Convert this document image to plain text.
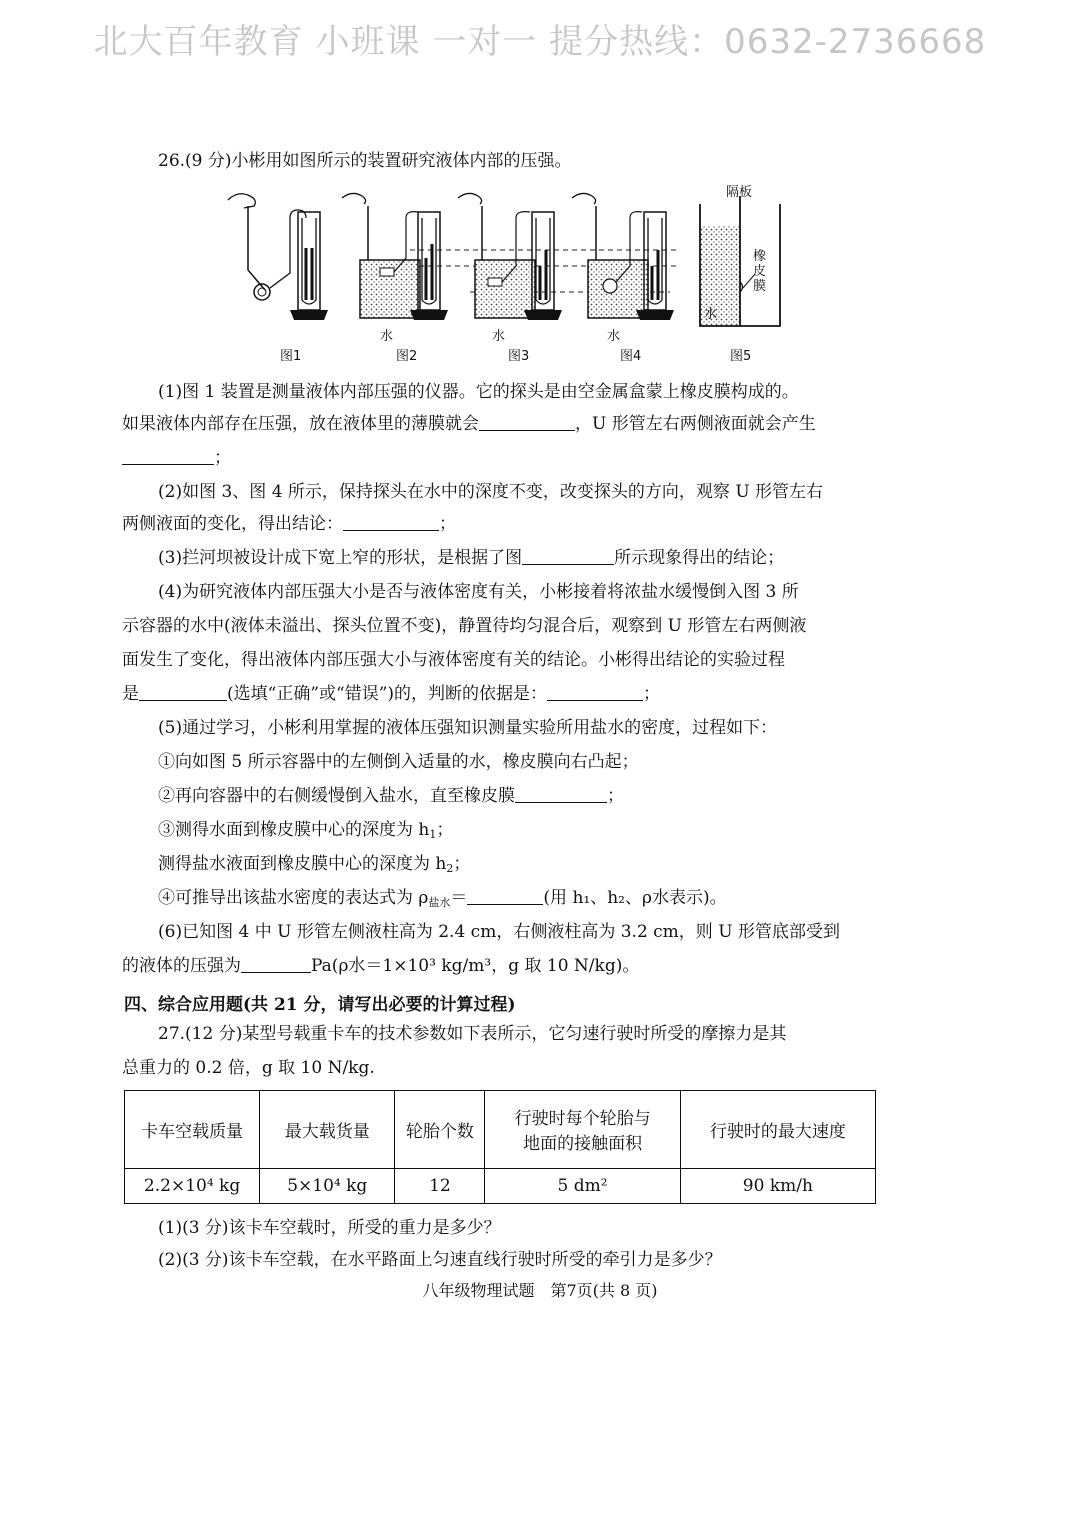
北大百年教育 小班课 一对一 提分热线：0632-2736668
26.(9 分)小彬用如图所示的装置研究液体内部的压强。
图1	图2	图3	图4	图5
水	水	水
水
隔板
橡
皮
膜
(1)图 1 装置是测量液体内部压强的仪器。它的探头是由空金属盒蒙上橡皮膜构成的。
如果液体内部存在压强，放在液体里的薄膜就会	，U 形管左右两侧液面就会产生
；
(2)如图 3、图 4 所示，保持探头在水中的深度不变，改变探头的方向，观察 U 形管左右
两侧液面的变化，得出结论：	；
(3)拦河坝被设计成下宽上窄的形状，是根据了图	所示现象得出的结论；
(4)为研究液体内部压强大小是否与液体密度有关，小彬接着将浓盐水缓慢倒入图 3 所
示容器的水中(液体未溢出、探头位置不变)，静置待均匀混合后，观察到 U 形管左右两侧液
面发生了变化，得出液体内部压强大小与液体密度有关的结论。小彬得出结论的实验过程
是	(选填“正确”或“错误”)的，判断的依据是：	；
(5)通过学习，小彬利用掌握的液体压强知识测量实验所用盐水的密度，过程如下：
①向如图 5 所示容器中的左侧倒入适量的水，橡皮膜向右凸起；
②再向容器中的右侧缓慢倒入盐水，直至橡皮膜	；
③测得水面到橡皮膜中心的深度为 $h_1$；
测得盐水液面到橡皮膜中心的深度为 $h_2$；
④可推导出该盐水密度的表达式为 $\rho_{盐水}=$	(用 h₁、h₂、ρ水表示)。
(6)已知图 4 中 U 形管左侧液柱高为 2.4 cm，右侧液柱高为 3.2 cm，则 U 形管底部受到
的液体的压强为	Pa(ρ水＝1×10³ kg/m³，g 取 10 N/kg)。
四、综合应用题(共 21 分，请写出必要的计算过程)
27.(12 分)某型号载重卡车的技术参数如下表所示，它匀速行驶时所受的摩擦力是其
总重力的 0.2 倍，g 取 10 N/kg.
卡车空载质量	最大载货量	轮胎个数	行驶时每个轮胎与
地面的接触面积	行驶时的最大速度
2.2×10⁴ kg	5×10⁴ kg	12	5 dm²	90 km/h
(1)(3 分)该卡车空载时，所受的重力是多少？
(2)(3 分)该卡车空载，在水平路面上匀速直线行驶时所受的牵引力是多少？
八年级物理试题　第7页(共 8 页)
